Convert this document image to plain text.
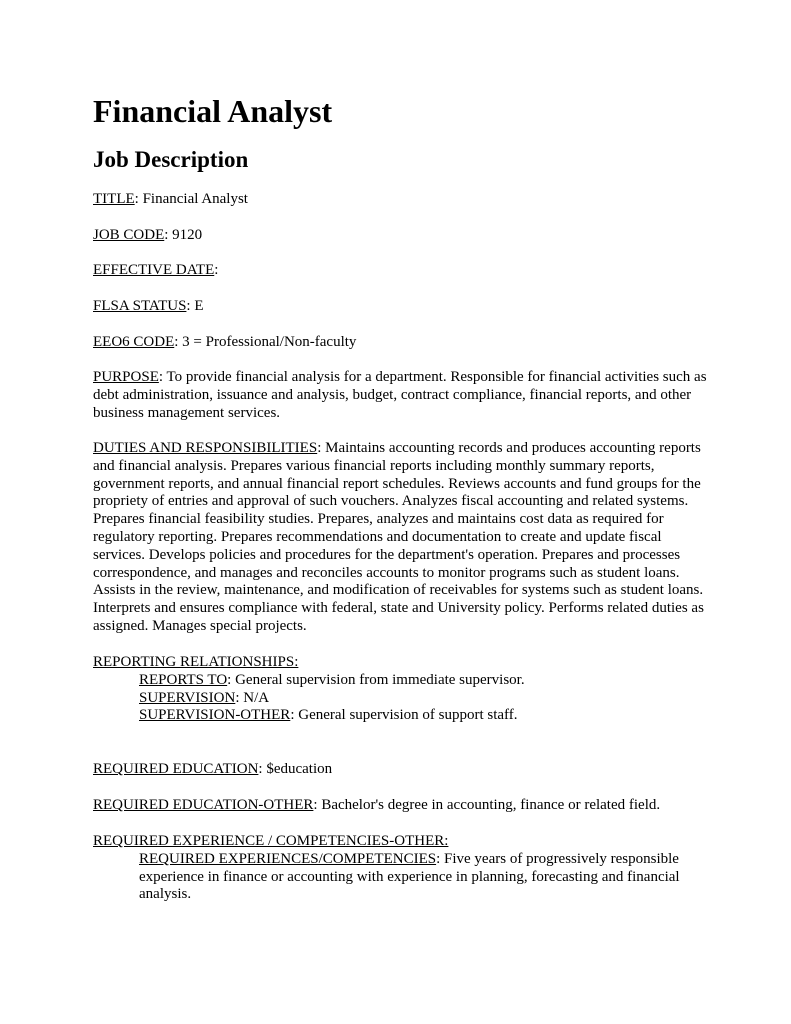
Financial Analyst
Job Description

TITLE: Financial Analyst

JOB CODE: 9120

EFFECTIVE DATE:

FLSA STATUS: E

EEO6 CODE: 3 = Professional/Non-faculty

PURPOSE: To provide financial analysis for a department. Responsible for financial activities such as debt administration, issuance and analysis, budget, contract compliance, financial reports, and other business management services.

DUTIES AND RESPONSIBILITIES: Maintains accounting records and produces accounting reports and financial analysis. Prepares various financial reports including monthly summary reports, government reports, and annual financial report schedules. Reviews accounts and fund groups for the propriety of entries and approval of such vouchers. Analyzes fiscal accounting and related systems. Prepares financial feasibility studies. Prepares, analyzes and maintains cost data as required for regulatory reporting. Prepares recommendations and documentation to create and update fiscal services. Develops policies and procedures for the department's operation. Prepares and processes correspondence, and manages and reconciles accounts to monitor programs such as student loans. Assists in the review, maintenance, and modification of receivables for systems such as student loans. Interprets and ensures compliance with federal, state and University policy. Performs related duties as assigned. Manages special projects.

REPORTING RELATIONSHIPS:
REPORTS TO: General supervision from immediate supervisor.
SUPERVISION: N/A
SUPERVISION-OTHER: General supervision of support staff.

REQUIRED EDUCATION: $education

REQUIRED EDUCATION-OTHER: Bachelor's degree in accounting, finance or related field.

REQUIRED EXPERIENCE / COMPETENCIES-OTHER:
REQUIRED EXPERIENCES/COMPETENCIES: Five years of progressively responsible experience in finance or accounting with experience in planning, forecasting and financial analysis.
